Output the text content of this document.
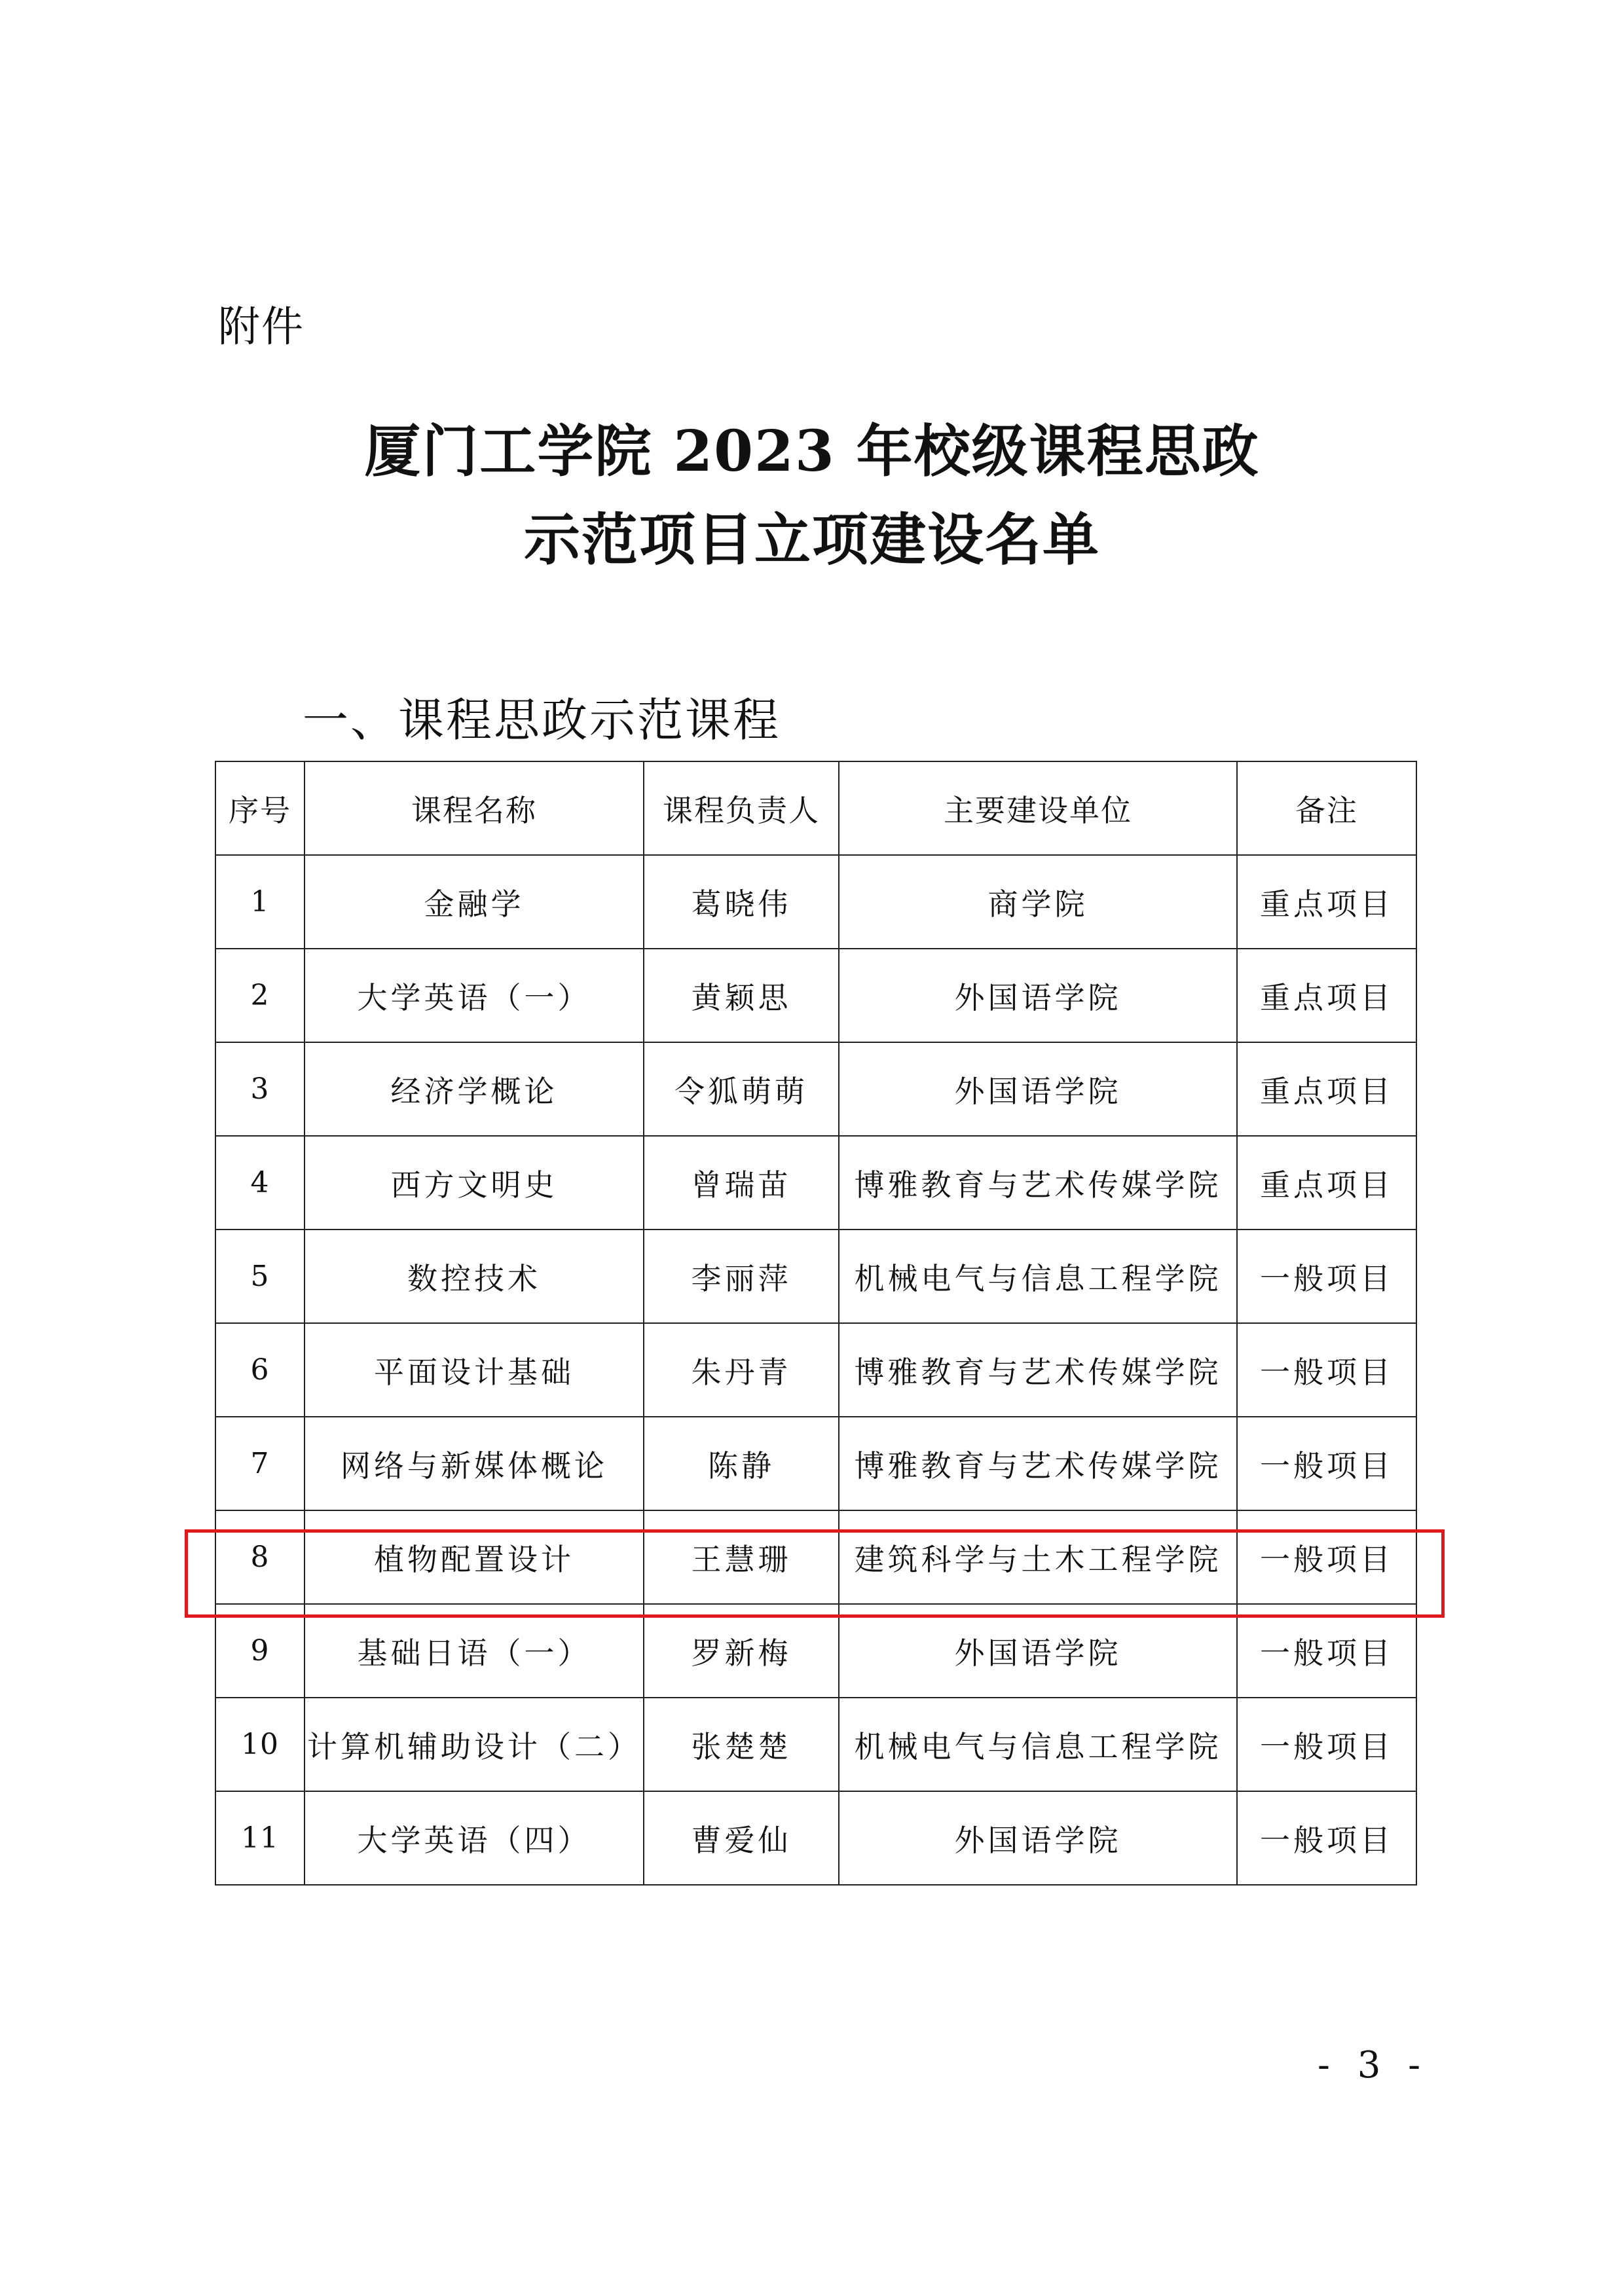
附件
厦门工学院 2023 年校级课程思政
示范项目立项建设名单
一、课程思政示范课程
序号	课程名称	课程负责人	主要建设单位	备注
1	金融学	葛晓伟	商学院	重点项目
2	大学英语（一）	黄颖思	外国语学院	重点项目
3	经济学概论	令狐萌萌	外国语学院	重点项目
4	西方文明史	曾瑞苗	博雅教育与艺术传媒学院	重点项目
5	数控技术	李丽萍	机械电气与信息工程学院	一般项目
6	平面设计基础	朱丹青	博雅教育与艺术传媒学院	一般项目
7	网络与新媒体概论	陈静	博雅教育与艺术传媒学院	一般项目
8	植物配置设计	王慧珊	建筑科学与土木工程学院	一般项目
9	基础日语（一）	罗新梅	外国语学院	一般项目
10	计算机辅助设计（二）	张楚楚	机械电气与信息工程学院	一般项目
11	大学英语（四）	曹爱仙	外国语学院	一般项目
- 3 -
